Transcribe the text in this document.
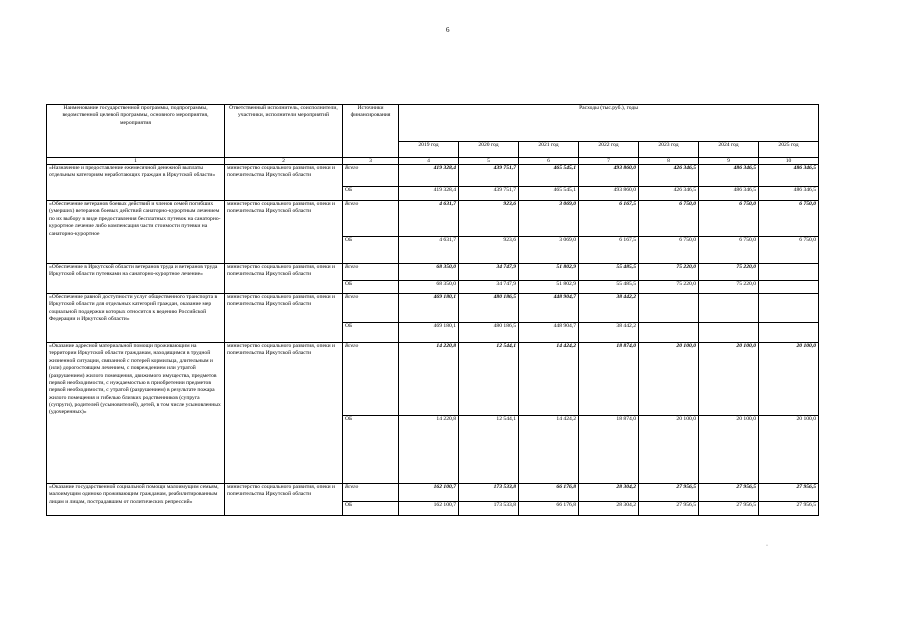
6
Наименование государственной программы, подпрограммы, ведомственной целевой программы, основного мероприятия, мероприятия	Ответственный исполнитель, соисполнители, участники, исполнители мероприятий	Источники финансирования	Расходы (тыс.руб.), годы						
			2019 год	2020 год	2021 год	2022 год	2023 год	2024 год	2025 год
1	2	3	4	5	6	7	8	9	10
«Назначение и предоставление ежемесячной денежной выплаты отдельным категориям неработающих граждан в Иркутской области»	министерство социального развития, опеки и попечительства Иркутской области	Всего	419 328,4	439 751,7	465 545,1	493 860,0	426 346,5	486 346,5	486 346,5
		ОБ	419 328,4	439 751,7	465 545,1	493 860,0	426 346,5	486 346,5	486 346,5
«Обеспечение ветеранов боевых действий и членов семей погибших (умерших) ветеранов боевых действий санаторно-курортным лечением по их выбору в виде предоставления бесплатных путевок на санаторно-курортное лечение либо компенсация части стоимости путевки на санаторно-курортное	министерство социального развития, опеки и попечительства Иркутской области	Всего	4 631,7	923,6	3 069,0	6 167,5	6 750,0	6 750,0	6 750,0
		ОБ	4 631,7	923,6	3 069,0	6 167,5	6 750,0	6 750,0	6 750,0
«Обеспечение в Иркутской области ветеранов труда и ветеранов труда Иркутской области путевками на санаторно-курортное лечение»	министерство социального развития, опеки и попечительства Иркутской области	Всего	68 350,0	34 747,9	51 802,9	55 485,5	75 220,0	75 220,0	
		ОБ	68 350,0	34 747,9	51 802,9	55 485,5	75 220,0	75 220,0	
«Обеспечение равной доступности услуг общественного транспорта в Иркутской области для отдельных категорий граждан, оказание мер социальной поддержки которых относится к ведению Российской Федерации и Иркутской области»	министерство социального развития, опеки и попечительства Иркутской области	Всего	469 180,1	480 186,5	448 904,7	38 442,2			
		ОБ	469 180,1	480 186,5	448 904,7	38 442,2			
«Оказание адресной материальной помощи проживающим на территории Иркутской области гражданам, находящимся в трудной жизненной ситуации, связанной с потерей кормильца, длительным и (или) дорогостоящим лечением, с повреждением или утратой (разрушением) жилого помещения, движимого имущества, предметов первой необходимости, с нуждаемостью в приобретении предметов первой необходимости, с утратой (разрушением) в результате пожара жилого помещения и гибелью близких родственников (супруга (супруги), родителей (усыновителей), детей, в том числе усыновленных (удочеренных)»	министерство социального развития, опеки и попечительства Иркутской области	Всего	14 220,8	12 544,1	14 424,2	18 874,0	20 100,0	20 100,0	20 100,0
		ОБ	14 220,8	12 544,1	14 424,2	18 874,0	20 100,0	20 100,0	20 100,0
«Оказание государственной социальной помощи малоимущим семьям, малоимущим одиноко проживающим гражданам, реабилитированным лицам и лицам, пострадавшим от политических репрессий»	министерство социального развития, опеки и попечительства Иркутской области	Всего	162 100,7	173 533,8	66 176,8	28 304,2	27 956,5	27 956,5	27 956,5
		ОБ	162 100,7	173 533,8	66 176,8	28 304,2	27 956,5	27 956,5	27 956,5
·
